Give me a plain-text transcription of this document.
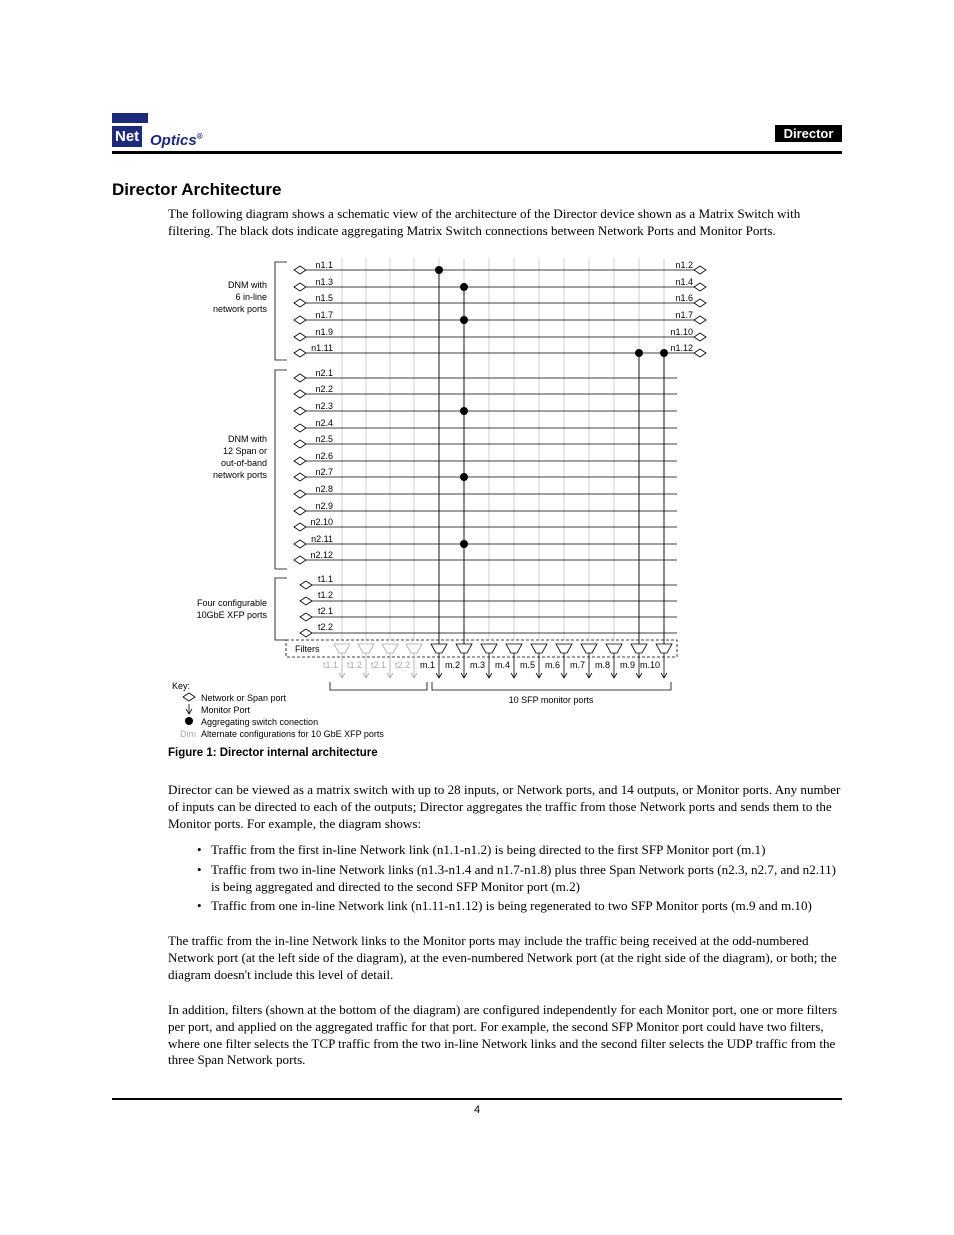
Net Optics®	Director
Director Architecture
The following diagram shows a schematic view of the architecture of the Director device shown as a Matrix Switch with filtering. The black dots indicate aggregating Matrix Switch connections between Network Ports and Monitor Ports.
n1.1	n1.2
n1.3	n1.4
n1.5	n1.6
n1.7	n1.7
n1.9	n1.10
n1.11	n1.12
n2.1
n2.2
n2.3
n2.4
n2.5
n2.6
n2.7
n2.8
n2.9
n2.10
n2.11
n2.12
t1.1
t1.2
t2.1
t2.2
DNM with
6 in-line
network ports
DNM with
12 Span or
out-of-band
network ports
Four configurable
10GbE XFP ports
Filters
t1.1 t1.2 t2.1 t2.2 m.1 m.2 m.3 m.4 m.5 m.6 m.7 m.8 m.9 m.10
10 SFP monitor ports
Key:
Network or Span port
Monitor Port
Aggregating switch conection
Dim Alternate configurations for 10 GbE XFP ports
Figure 1: Director internal architecture
Director can be viewed as a matrix switch with up to 28 inputs, or Network ports, and 14 outputs, or Monitor ports. Any number of inputs can be directed to each of the outputs; Director aggregates the traffic from those Network ports and sends them to the Monitor ports. For example, the diagram shows:
• Traffic from the first in-line Network link (n1.1-n1.2) is being directed to the first SFP Monitor port (m.1)
• Traffic from two in-line Network links (n1.3-n1.4 and n1.7-n1.8) plus three Span Network ports (n2.3, n2.7, and n2.11) is being aggregated and directed to the second SFP Monitor port (m.2)
• Traffic from one in-line Network link (n1.11-n1.12) is being regenerated to two SFP Monitor ports (m.9 and m.10)
The traffic from the in-line Network links to the Monitor ports may include the traffic being received at the odd-numbered Network port (at the left side of the diagram), at the even-numbered Network port (at the right side of the diagram), or both; the diagram doesn't include this level of detail.
In addition, filters (shown at the bottom of the diagram) are configured independently for each Monitor port, one or more filters per port, and applied on the aggregated traffic for that port. For example, the second SFP Monitor port could have two filters, where one filter selects the TCP traffic from the two in-line Network links and the second filter selects the UDP traffic from the three Span Network ports.
4
